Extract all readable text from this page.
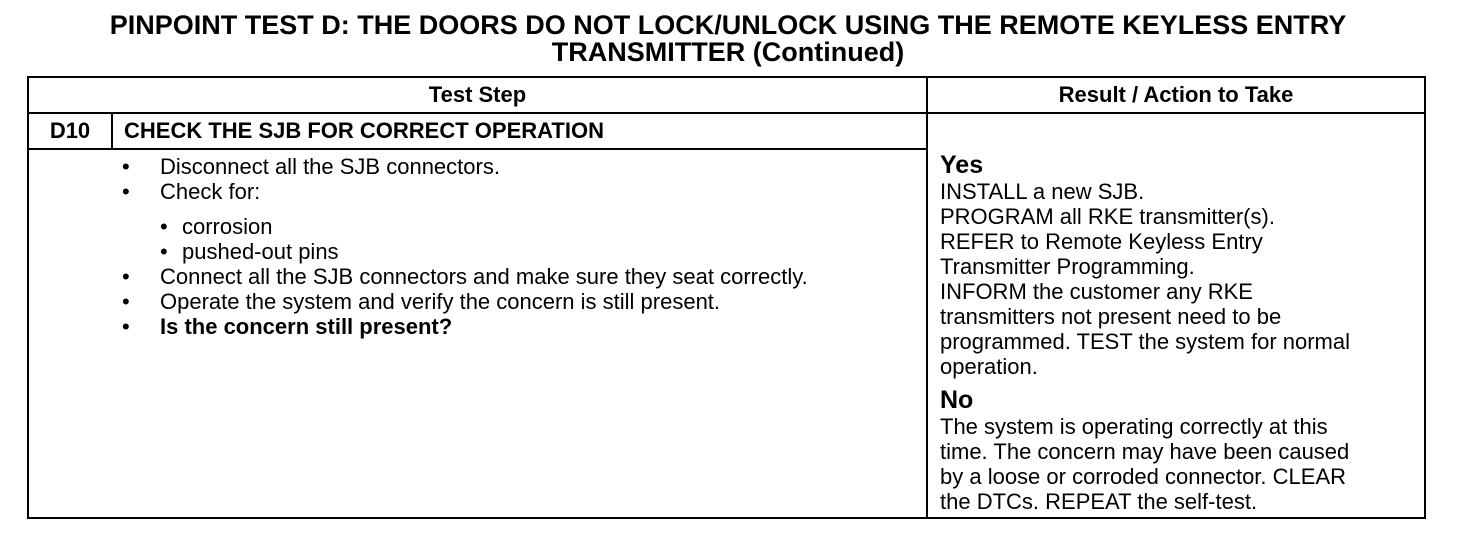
PINPOINT TEST D: THE DOORS DO NOT LOCK/UNLOCK USING THE REMOTE KEYLESS ENTRY
TRANSMITTER (Continued)
Test Step	Result / Action to Take
D10	CHECK THE SJB FOR CORRECT OPERATION
• Disconnect all the SJB connectors.
• Check for:
• corrosion
• pushed-out pins
• Connect all the SJB connectors and make sure they seat correctly.
• Operate the system and verify the concern is still present.
• Is the concern still present?
Yes
INSTALL a new SJB.
PROGRAM all RKE transmitter(s).
REFER to Remote Keyless Entry
Transmitter Programming.
INFORM the customer any RKE
transmitters not present need to be
programmed. TEST the system for normal
operation.
No
The system is operating correctly at this
time. The concern may have been caused
by a loose or corroded connector. CLEAR
the DTCs. REPEAT the self-test.
